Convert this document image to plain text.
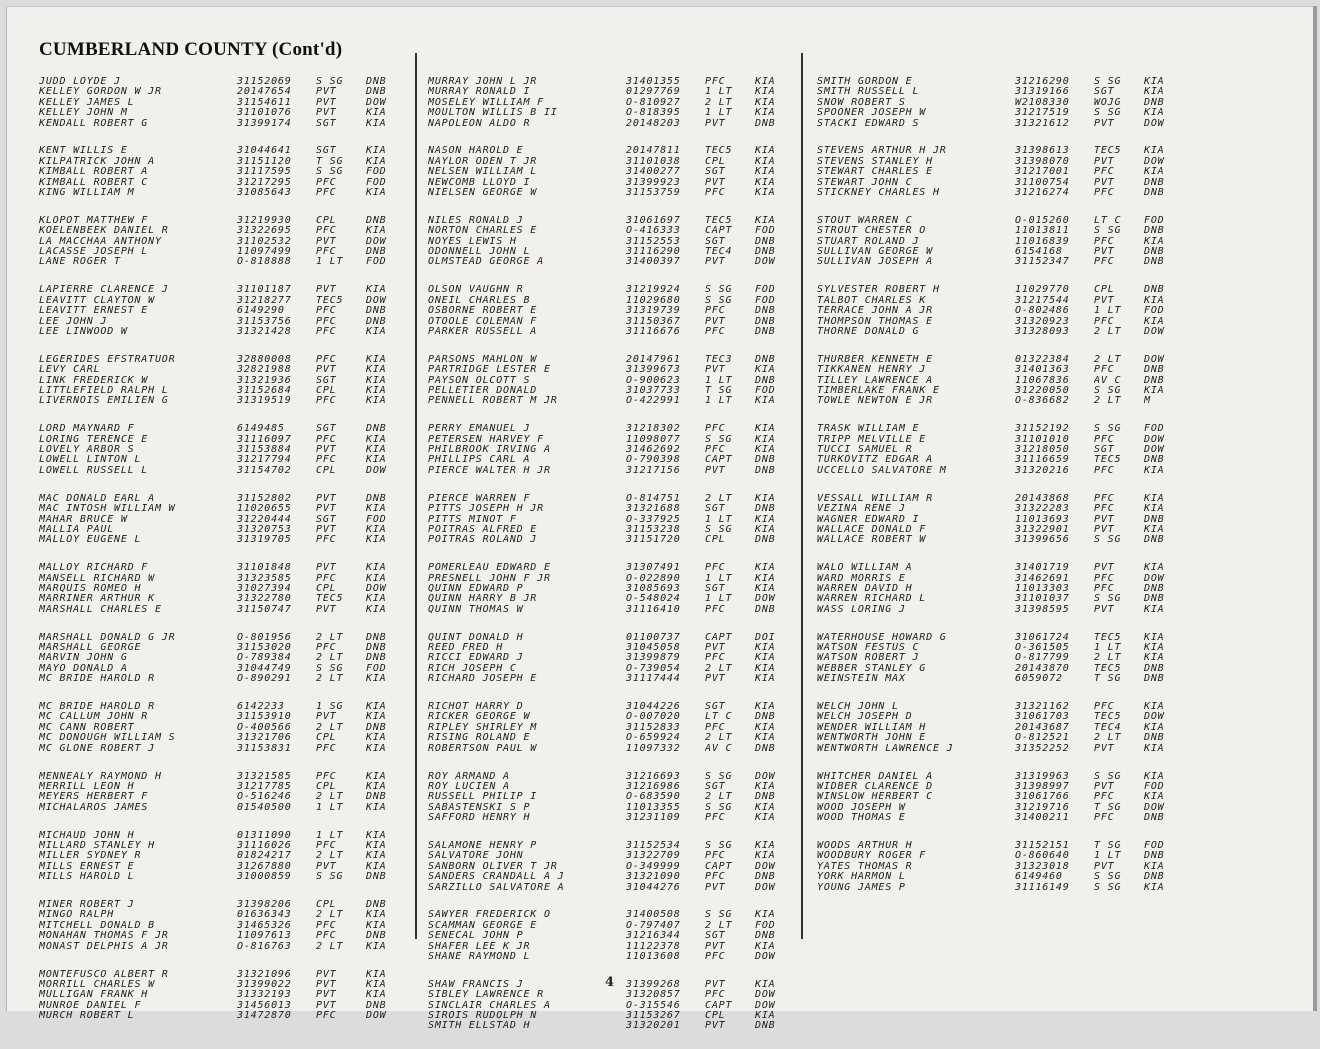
CUMBERLAND COUNTY (Cont'd)
JUDD LOYDE J	31152069	S SG	DNB
KELLEY GORDON W JR	20147654	PVT	DNB
KELLEY JAMES L	31154611	PVT	DOW
KELLEY JOHN M	31101076	PVT	KIA
KENDALL ROBERT G	31399174	SGT	KIA
KENT WILLIS E	31044641	SGT	KIA
KILPATRICK JOHN A	31151120	T SG	KIA
KIMBALL ROBERT A	31117595	S SG	FOD
KIMBALL ROBERT C	31217295	PFC	FOD
KING WILLIAM M	31085643	PFC	KIA
KLOPOT MATTHEW F	31219930	CPL	DNB
KOELENBEEK DANIEL R	31322695	PFC	KIA
LA MACCHAA ANTHONY	31102532	PVT	DOW
LACASSE JOSEPH L	11097499	PFC	DNB
LANE ROGER T	O-818888	1 LT	FOD
LAPIERRE CLARENCE J	31101187	PVT	KIA
LEAVITT CLAYTON W	31218277	TEC5	DOW
LEAVITT ERNEST E	6149290	PFC	DNB
LEE JOHN J	31153756	PFC	DNB
LEE LINWOOD W	31321428	PFC	KIA
LEGERIDES EFSTRATUOR	32880008	PFC	KIA
LEVY CARL	32821988	PVT	KIA
LINK FREDERICK W	31321936	SGT	KIA
LITTLEFIELD RALPH L	31152684	CPL	KIA
LIVERNOIS EMILIEN G	31319519	PFC	KIA
LORD MAYNARD F	6149485	SGT	DNB
LORING TERENCE E	31116097	PFC	KIA
LOVELY ARBOR S	31153884	PVT	KIA
LOWELL LINTON L	31217794	PFC	KIA
LOWELL RUSSELL L	31154702	CPL	DOW
MAC DONALD EARL A	31152802	PVT	DNB
MAC INTOSH WILLIAM W	11020655	PVT	KIA
MAHAR BRUCE W	31220444	SGT	FOD
MALLIA PAUL	31320753	PVT	KIA
MALLOY EUGENE L	31319705	PFC	KIA
MALLOY RICHARD F	31101848	PVT	KIA
MANSELL RICHARD W	31323585	PFC	KIA
MARQUIS ROMEO H	31027394	CPL	DOW
MARRINER ARTHUR K	31322780	TEC5	KIA
MARSHALL CHARLES E	31150747	PVT	KIA
MARSHALL DONALD G JR	O-801956	2 LT	DNB
MARSHALL GEORGE	31153020	PFC	DNB
MARVIN JOHN G	O-789384	2 LT	DNB
MAYO DONALD A	31044749	S SG	FOD
MC BRIDE HAROLD R	O-890291	2 LT	KIA
MC BRIDE HAROLD R	6142233	1 SG	KIA
MC CALLUM JOHN R	31153910	PVT	KIA
MC CANN ROBERT	O-400566	2 LT	DNB
MC DONOUGH WILLIAM S	31321706	CPL	KIA
MC GLONE ROBERT J	31153831	PFC	KIA
MENNEALY RAYMOND H	31321585	PFC	KIA
MERRILL LEON H	31217785	CPL	KIA
MEYERS HERBERT F	O-516246	2 LT	DNB
MICHALAROS JAMES	01540500	1 LT	KIA
MICHAUD JOHN H	01311090	1 LT	KIA
MILLARD STANLEY H	31116026	PFC	KIA
MILLER SYDNEY R	01824217	2 LT	KIA
MILLS ERNEST E	31267880	PVT	KIA
MILLS HAROLD L	31000859	S SG	DNB
MINER ROBERT J	31398206	CPL	DNB
MINGO RALPH	01636343	2 LT	KIA
MITCHELL DONALD B	31465326	PFC	KIA
MONAHAN THOMAS F JR	11097613	PFC	DNB
MONAST DELPHIS A JR	O-816763	2 LT	KIA
MONTEFUSCO ALBERT R	31321096	PVT	KIA
MORRILL CHARLES W	31399022	PVT	KIA
MULLIGAN FRANK H	31332193	PVT	KIA
MUNROE DANIEL F	31456013	PVT	DNB
MURCH ROBERT L	31472870	PFC	DOW
MURRAY JOHN L JR	31401355	PFC	KIA
MURRAY RONALD I	01297769	1 LT	KIA
MOSELEY WILLIAM F	O-810927	2 LT	KIA
MOULTON WILLIS B II	O-818395	1 LT	KIA
NAPOLEON ALDO R	20148203	PVT	DNB
NASON HAROLD E	20147811	TEC5	KIA
NAYLOR ODEN T JR	31101038	CPL	KIA
NELSEN WILLIAM L	31400277	SGT	KIA
NEWCOMB LLOYD I	31399923	PVT	KIA
NIELSEN GEORGE W	31153759	PFC	KIA
NILES RONALD J	31061697	TEC5	KIA
NORTON CHARLES E	O-416333	CAPT	FOD
NOYES LEWIS H	31152553	SGT	DNB
ODONNELL JOHN L	31116290	TEC4	DNB
OLMSTEAD GEORGE A	31400397	PVT	DOW
OLSON VAUGHN R	31219924	S SG	FOD
ONEIL CHARLES B	11029680	S SG	FOD
OSBORNE ROBERT E	31319739	PFC	DNB
OTOOLE COLEMAN F	31150367	PVT	DNB
PARKER RUSSELL A	31116676	PFC	DNB
PARSONS MAHLON W	20147961	TEC3	DNB
PARTRIDGE LESTER E	31399673	PVT	KIA
PAYSON OLCOTT S	O-900623	1 LT	DNB
PELLETIER DONALD	31037733	T SG	FOD
PENNELL ROBERT M JR	O-422991	1 LT	KIA
PERRY EMANUEL J	31218302	PFC	KIA
PETERSEN HARVEY F	11098077	S SG	KIA
PHILBROOK IRVING A	31462692	PFC	KIA
PHILLIPS CARL A	O-790398	CAPT	DNB
PIERCE WALTER H JR	31217156	PVT	DNB
PIERCE WARREN F	O-814751	2 LT	KIA
PITTS JOSEPH H JR	31321688	SGT	DNB
PITTS MINOT F	O-337925	1 LT	KIA
POITRAS ALFRED E	31153238	S SG	KIA
POITRAS ROLAND J	31151720	CPL	DNB
POMERLEAU EDWARD E	31307491	PFC	KIA
PRESNELL JOHN F JR	O-022890	1 LT	KIA
QUINN EDWARD P	31085693	SGT	KIA
QUINN HARRY B JR	O-548024	1 LT	DOW
QUINN THOMAS W	31116410	PFC	DNB
QUINT DONALD H	01100737	CAPT	DOI
REED FRED H	31045058	PVT	KIA
RICCI EDWARD J	31399879	PFC	KIA
RICH JOSEPH C	O-739054	2 LT	KIA
RICHARD JOSEPH E	31117444	PVT	KIA
RICHOT HARRY D	31044226	SGT	KIA
RICKER GEORGE W	O-007020	LT C	DNB
RIPLEY SHIRLEY M	31152833	PFC	KIA
RISING ROLAND E	O-659924	2 LT	KIA
ROBERTSON PAUL W	11097332	AV C	DNB
ROY ARMAND A	31216693	S SG	DOW
ROY LUCIEN A	31216986	SGT	KIA
RUSSELL PHILIP I	O-683590	2 LT	DNB
SABASTENSKI S P	11013355	S SG	KIA
SAFFORD HENRY H	31231109	PFC	KIA
SALAMONE HENRY P	31152534	S SG	KIA
SALVATORE JOHN	31322709	PFC	KIA
SANBORN OLIVER T JR	O-349999	CAPT	DOW
SANDERS CRANDALL A J	31321090	PFC	DNB
SARZILLO SALVATORE A	31044276	PVT	DOW
SAWYER FREDERICK O	31400508	S SG	KIA
SCAMMAN GEORGE E	O-797407	2 LT	FOD
SENECAL JOHN P	31216344	SGT	DNB
SHAFER LEE K JR	11122378	PVT	KIA
SHANE RAYMOND L	11013608	PFC	DOW
SHAW FRANCIS J	31399268	PVT	KIA
SIBLEY LAWRENCE R	31320857	PFC	DOW
SINCLAIR CHARLES A	O-315546	CAPT	DOW
SIROIS RUDOLPH N	31153267	CPL	KIA
SMITH ELLSTAD H	31320201	PVT	DNB
SMITH GORDON E	31216290	S SG	KIA
SMITH RUSSELL L	31319166	SGT	KIA
SNOW ROBERT S	W2108330	WOJG	DNB
SPOONER JOSEPH W	31217519	S SG	KIA
STACKI EDWARD S	31321612	PVT	DOW
STEVENS ARTHUR H JR	31398613	TEC5	KIA
STEVENS STANLEY H	31398070	PVT	DOW
STEWART CHARLES E	31217001	PFC	KIA
STEWART JOHN C	31100754	PVT	DNB
STICKNEY CHARLES H	31216274	PFC	DNB
STOUT WARREN C	O-015260	LT C	FOD
STROUT CHESTER O	11013811	S SG	DNB
STUART ROLAND J	11016839	PFC	KIA
SULLIVAN GEORGE W	6154168	PVT	DNB
SULLIVAN JOSEPH A	31152347	PFC	DNB
SYLVESTER ROBERT H	11029770	CPL	DNB
TALBOT CHARLES K	31217544	PVT	KIA
TERRACE JOHN A JR	O-802486	1 LT	FOD
THOMPSON THOMAS E	31320923	PFC	KIA
THORNE DONALD G	31328093	2 LT	DOW
THURBER KENNETH E	01322384	2 LT	DOW
TIKKANEN HENRY J	31401363	PFC	DNB
TILLEY LAWRENCE A	11067836	AV C	DNB
TIMBERLAKE FRANK E	31220050	S SG	KIA
TOWLE NEWTON E JR	O-836682	2 LT	M
TRASK WILLIAM E	31152192	S SG	FOD
TRIPP MELVILLE E	31101010	PFC	DOW
TUCCI SAMUEL R	31218050	SGT	DOW
TURKOVITZ EDGAR A	31116659	TEC5	DNB
UCCELLO SALVATORE M	31320216	PFC	KIA
VESSALL WILLIAM R	20143868	PFC	KIA
VEZINA RENE J	31322283	PFC	KIA
WAGNER EDWARD I	11013693	PVT	DNB
WALLACE DONALD F	31322901	PVT	KIA
WALLACE ROBERT W	31399656	S SG	DNB
WALO WILLIAM A	31401719	PVT	KIA
WARD MORRIS E	31462691	PFC	DOW
WARREN DAVID H	11013303	PFC	DNB
WARREN RICHARD L	31101037	S SG	DNB
WASS LORING J	31398595	PVT	KIA
WATERHOUSE HOWARD G	31061724	TEC5	KIA
WATSON FESTUS C	O-361505	1 LT	KIA
WATSON ROBERT J	O-817799	2 LT	KIA
WEBBER STANLEY G	20143870	TEC5	DNB
WEINSTEIN MAX	6059072	T SG	DNB
WELCH JOHN L	31321162	PFC	KIA
WELCH JOSEPH D	31061703	TEC5	DOW
WENDER WILLIAM H	20143687	TEC4	KIA
WENTWORTH JOHN E	O-812521	2 LT	DNB
WENTWORTH LAWRENCE J	31352252	PVT	KIA
WHITCHER DANIEL A	31319963	S SG	KIA
WIDBER CLARENCE D	31398997	PVT	FOD
WINSLOW HERBERT C	31061766	PFC	KIA
WOOD JOSEPH W	31219716	T SG	DOW
WOOD THOMAS E	31400211	PFC	DNB
WOODS ARTHUR H	31152151	T SG	FOD
WOODBURY ROGER F	O-860640	1 LT	DNB
YATES THOMAS R	31323018	PVT	KIA
YORK HARMON L	6149460	S SG	DNB
YOUNG JAMES P	31116149	S SG	KIA
4
